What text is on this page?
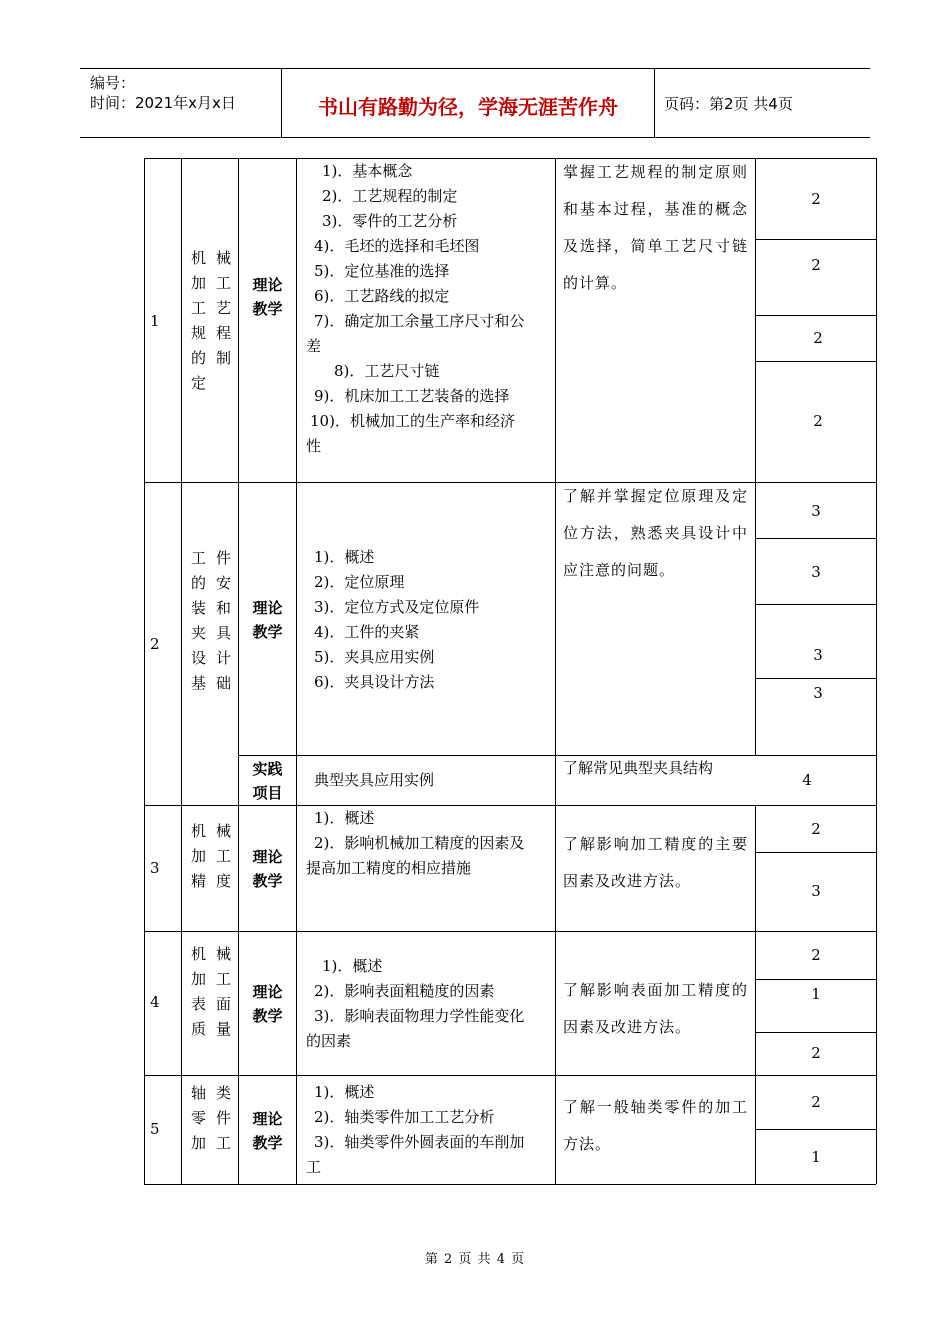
编号：
时间：2021年x月x日	书山有路勤为径，学海无涯苦作舟	页码：第2页 共4页
1
机械
加工
工艺
规程
的制
定
理论
教学
1)．基本概念
2)．工艺规程的制定
3)．零件的工艺分析
4)．毛坯的选择和毛坯图
5)．定位基准的选择
6)．工艺路线的拟定
7)．确定加工余量工序尺寸和公
差
8)．工艺尺寸链
9)．机床加工工艺装备的选择
10)．机械加工的生产率和经济
性
掌握工艺规程的制定原则和基本过程，基准的概念及选择，简单工艺尺寸链的计算。
2
2
2
2
2
工件
的安
装和
夹具
设计
基础
理论
教学
1)．概述
2)．定位原理
3)．定位方式及定位原件
4)．工件的夹紧
5)．夹具应用实例
6)．夹具设计方法
了解并掌握定位原理及定位方法，熟悉夹具设计中应注意的问题。
3
3
3
3
实践
项目
典型夹具应用实例
了解常见典型夹具结构
4
3
机械
加工
精度
理论
教学
1)．概述
2)．影响机械加工精度的因素及
提高加工精度的相应措施
了解影响加工精度的主要因素及改进方法。
2
3
4
机械
加工
表面
质量
理论
教学
1)．概述
2)．影响表面粗糙度的因素
3)．影响表面物理力学性能变化
的因素
了解影响表面加工精度的因素及改进方法。
2
1
2
5
轴类
零件
加工
理论
教学
1)．概述
2)．轴类零件加工工艺分析
3)．轴类零件外圆表面的车削加
工
了解一般轴类零件的加工方法。
2
1
第 2 页 共 4 页
